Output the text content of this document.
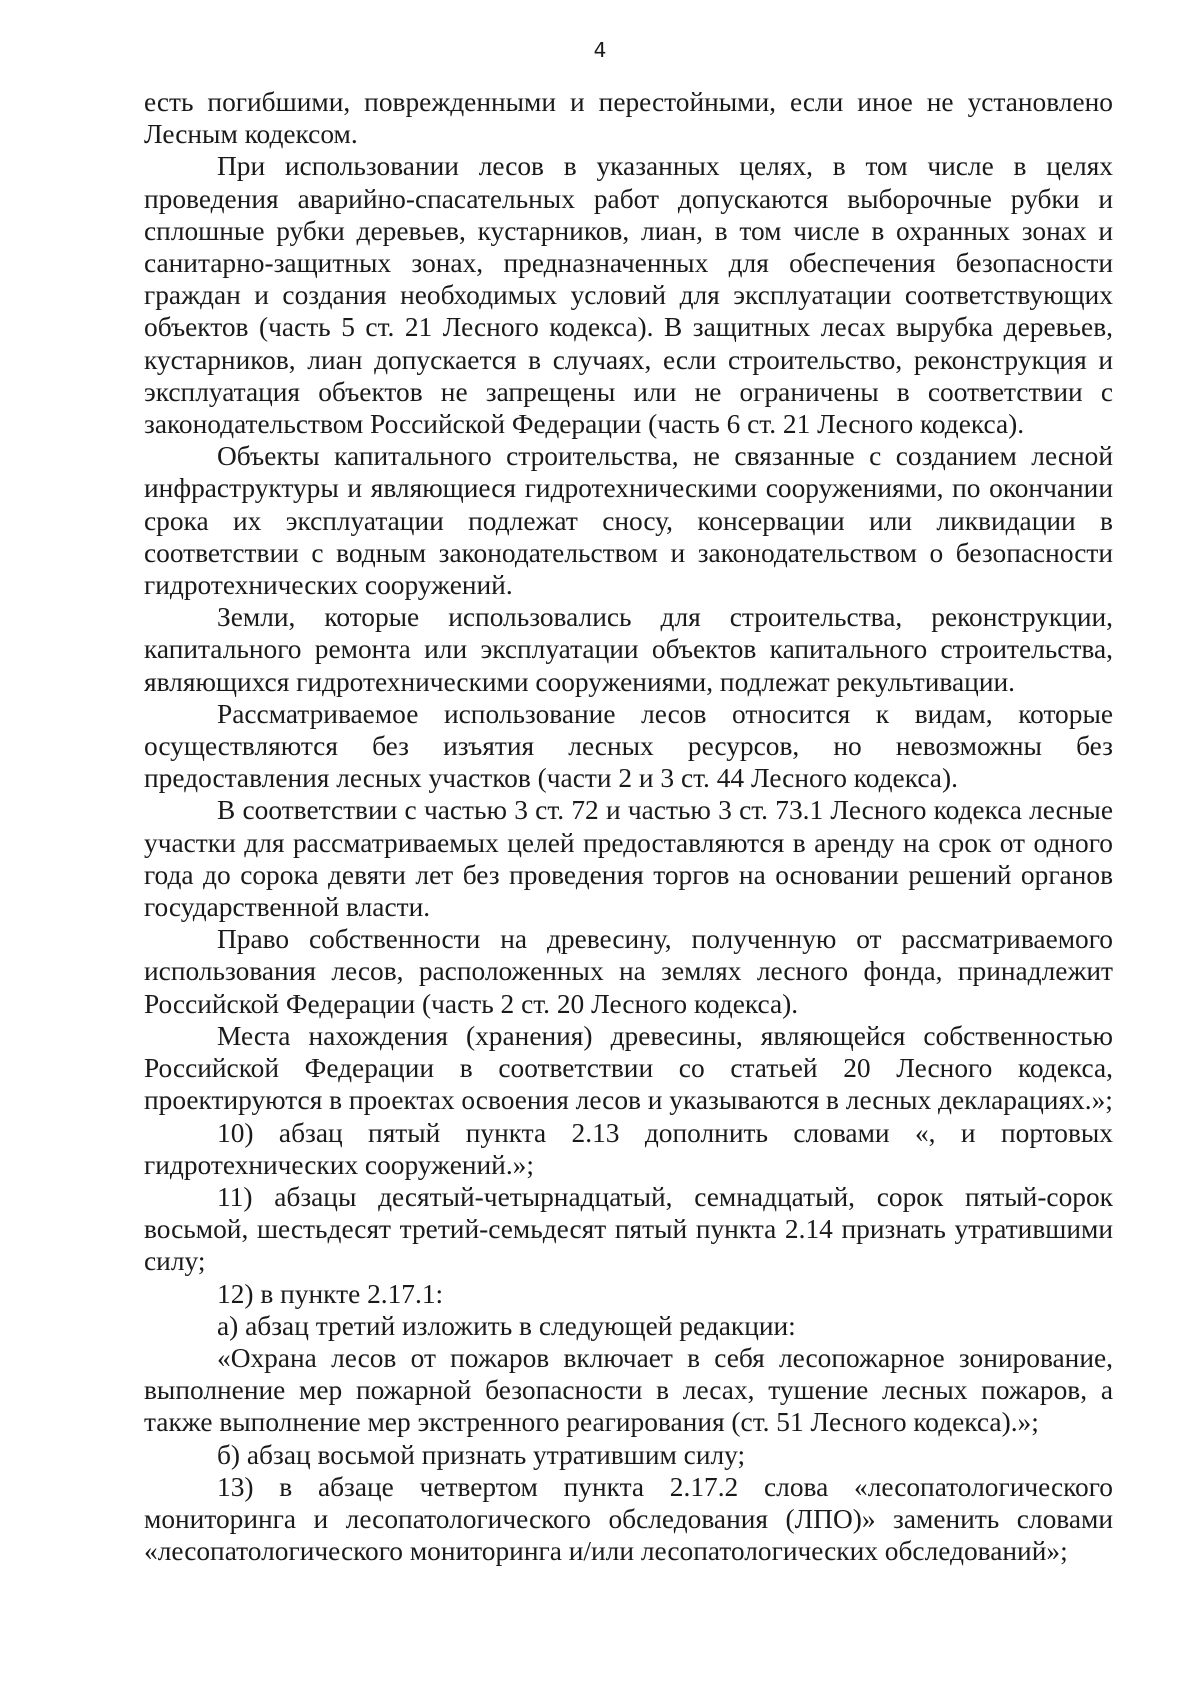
4

есть погибшими, поврежденными и перестойными, если иное не установлено Лесным кодексом.

При использовании лесов в указанных целях, в том числе в целях проведения аварийно-спасательных работ допускаются выборочные рубки и сплошные рубки деревьев, кустарников, лиан, в том числе в охранных зонах и санитарно-защитных зонах, предназначенных для обеспечения безопасности граждан и создания необходимых условий для эксплуатации соответствующих объектов (часть 5 ст. 21 Лесного кодекса). В защитных лесах вырубка деревьев, кустарников, лиан допускается в случаях, если строительство, реконструкция и эксплуатация объектов не запрещены или не ограничены в соответствии с законодательством Российской Федерации (часть 6 ст. 21 Лесного кодекса).

Объекты капитального строительства, не связанные с созданием лесной инфраструктуры и являющиеся гидротехническими сооружениями, по окончании срока их эксплуатации подлежат сносу, консервации или ликвидации в соответствии с водным законодательством и законодательством о безопасности гидротехнических сооружений.

Земли, которые использовались для строительства, реконструкции, капитального ремонта или эксплуатации объектов капитального строительства, являющихся гидротехническими сооружениями, подлежат рекультивации.

Рассматриваемое использование лесов относится к видам, которые осуществляются без изъятия лесных ресурсов, но невозможны без предоставления лесных участков (части 2 и 3 ст. 44 Лесного кодекса).

В соответствии с частью 3 ст. 72 и частью 3 ст. 73.1 Лесного кодекса лесные участки для рассматриваемых целей предоставляются в аренду на срок от одного года до сорока девяти лет без проведения торгов на основании решений органов государственной власти.

Право собственности на древесину, полученную от рассматриваемого использования лесов, расположенных на землях лесного фонда, принадлежит Российской Федерации (часть 2 ст. 20 Лесного кодекса).

Места нахождения (хранения) древесины, являющейся собственностью Российской Федерации в соответствии со статьей 20 Лесного кодекса, проектируются в проектах освоения лесов и указываются в лесных декларациях.»;

10) абзац пятый пункта 2.13 дополнить словами «, и портовых гидротехнических сооружений.»;

11) абзацы десятый-четырнадцатый, семнадцатый, сорок пятый-сорок восьмой, шестьдесят третий-семьдесят пятый пункта 2.14 признать утратившими силу;

12) в пункте 2.17.1:

а) абзац третий изложить в следующей редакции:

«Охрана лесов от пожаров включает в себя лесопожарное зонирование, выполнение мер пожарной безопасности в лесах, тушение лесных пожаров, а также выполнение мер экстренного реагирования (ст. 51 Лесного кодекса).»;

б) абзац восьмой признать утратившим силу;

13) в абзаце четвертом пункта 2.17.2 слова «лесопатологического мониторинга и лесопатологического обследования (ЛПО)» заменить словами «лесопатологического мониторинга и/или лесопатологических обследований»;
